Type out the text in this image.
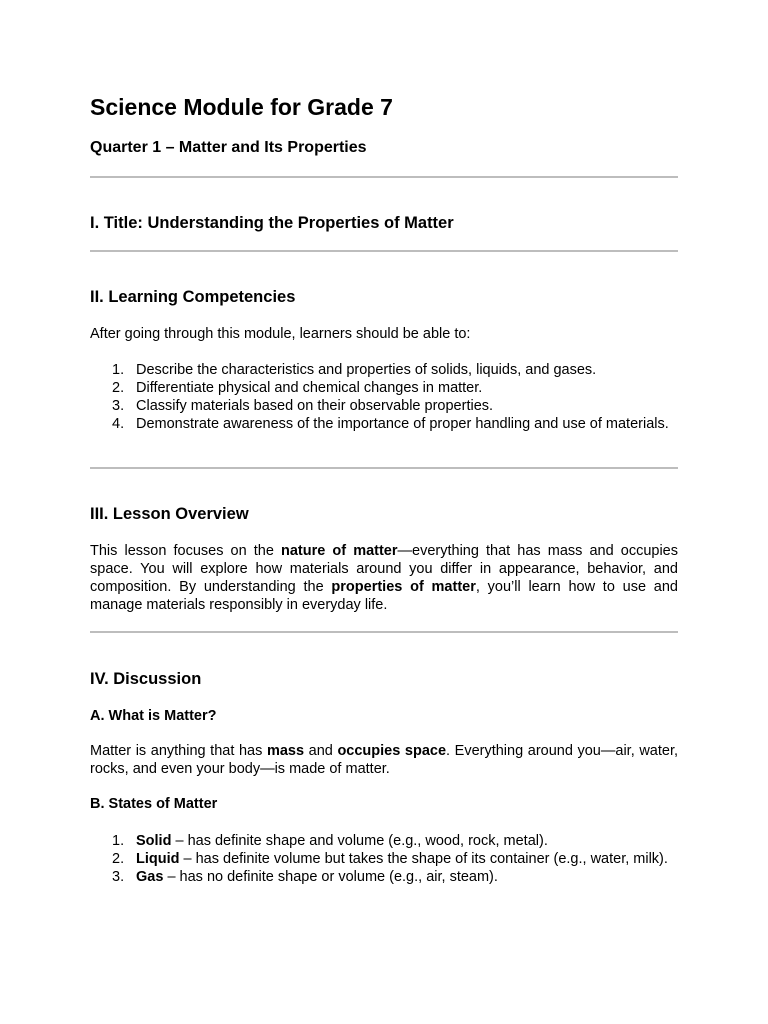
Science Module for Grade 7
Quarter 1 – Matter and Its Properties
I. Title: Understanding the Properties of Matter
II. Learning Competencies

After going through this module, learners should be able to:

1. Describe the characteristics and properties of solids, liquids, and gases.
2. Differentiate physical and chemical changes in matter.
3. Classify materials based on their observable properties.
4. Demonstrate awareness of the importance of proper handling and use of materials.
III. Lesson Overview

This lesson focuses on the nature of matter—everything that has mass and occupies space. You will explore how materials around you differ in appearance, behavior, and composition. By understanding the properties of matter, you’ll learn how to use and manage materials responsibly in everyday life.

IV. Discussion
A. What is Matter?

Matter is anything that has mass and occupies space. Everything around you—air, water, rocks, and even your body—is made of matter.

B. States of Matter
1. Solid – has definite shape and volume (e.g., wood, rock, metal).
2. Liquid – has definite volume but takes the shape of its container (e.g., water, milk).
3. Gas – has no definite shape or volume (e.g., air, steam).
